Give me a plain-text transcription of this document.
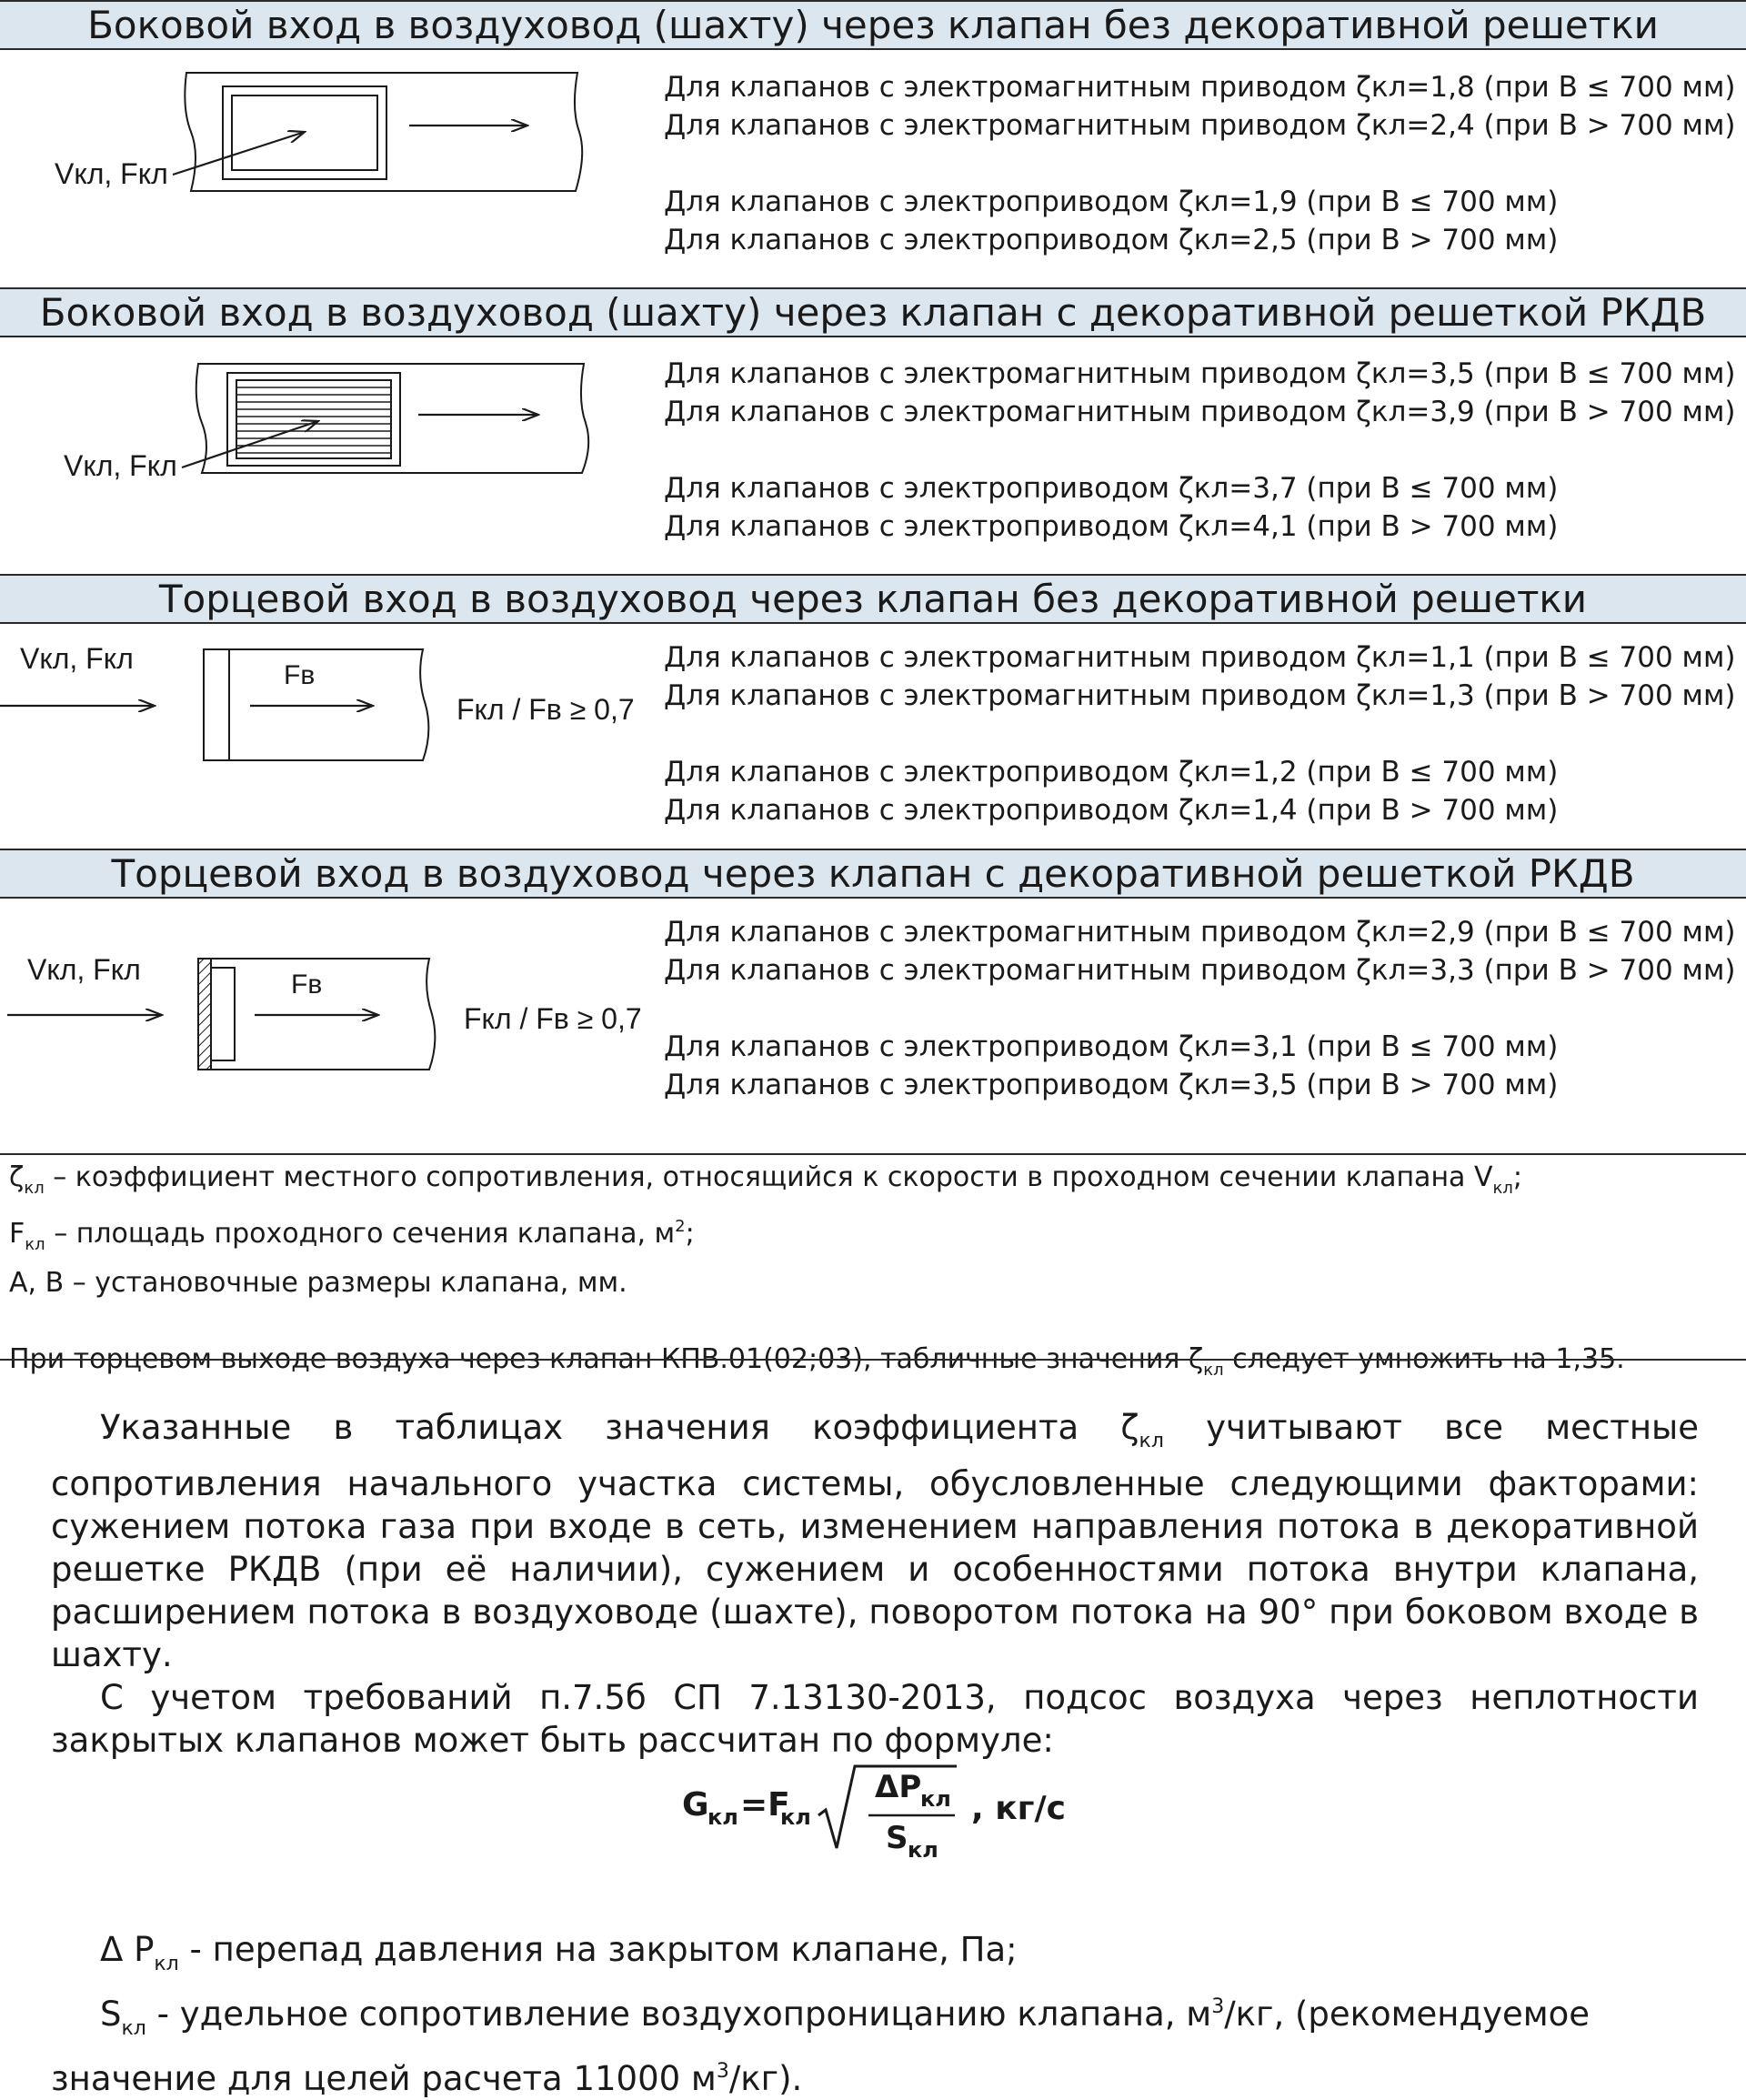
Боковой вход в воздуховод (шахту) через клапан без декоративной решетки
Vкл, Fкл
Для клапанов с электромагнитным приводом ζкл=1,8 (при B ≤ 700 мм)
Для клапанов с электромагнитным приводом ζкл=2,4 (при B > 700 мм)
Для клапанов с электроприводом ζкл=1,9 (при B ≤ 700 мм)
Для клапанов с электроприводом ζкл=2,5 (при B > 700 мм)
Боковой вход в воздуховод (шахту) через клапан с декоративной решеткой РКДВ
Vкл, Fкл
Для клапанов с электромагнитным приводом ζкл=3,5 (при B ≤ 700 мм)
Для клапанов с электромагнитным приводом ζкл=3,9 (при B > 700 мм)
Для клапанов с электроприводом ζкл=3,7 (при B ≤ 700 мм)
Для клапанов с электроприводом ζкл=4,1 (при B > 700 мм)
Торцевой вход в воздуховод через клапан без декоративной решетки
Vкл, Fкл
Fв
Fкл / Fв ≥ 0,7
Для клапанов с электромагнитным приводом ζкл=1,1 (при B ≤ 700 мм)
Для клапанов с электромагнитным приводом ζкл=1,3 (при B > 700 мм)
Для клапанов с электроприводом ζкл=1,2 (при B ≤ 700 мм)
Для клапанов с электроприводом ζкл=1,4 (при B > 700 мм)
Торцевой вход в воздуховод через клапан с декоративной решеткой РКДВ
Vкл, Fкл	Fв
Fкл / Fв ≥ 0,7
Для клапанов с электромагнитным приводом ζкл=2,9 (при B ≤ 700 мм)
Для клапанов с электромагнитным приводом ζкл=3,3 (при B > 700 мм)
Для клапанов с электроприводом ζкл=3,1 (при B ≤ 700 мм)
Для клапанов с электроприводом ζкл=3,5 (при B > 700 мм)
$\zeta_{кл}$ – коэффициент местного сопротивления, относящийся к скорости в проходном сечении клапана $V_{кл}$;
$F_{кл}$ – площадь проходного сечения клапана, $м^2$;
А, В – установочные размеры клапана, мм.
При торцевом выходе воздуха через клапан КПВ.01(02;03), табличные значения $\zeta_{кл}$ следует умножить на 1,35.
Указанные в таблицах значения коэффициента $\zeta_{кл}$ учитывают все местные сопротивления начального участка системы, обусловленные следующими факторами: сужением потока газа при входе в сеть, изменением направления потока в декоративной решетке РКДВ (при её наличии), сужением и особенностями потока внутри клапана, расширением потока в воздуховоде (шахте), поворотом потока на 90° при боковом входе в шахту.
С учетом требований п.7.5б СП 7.13130-2013, подсос воздуха через неплотности закрытых клапанов может быть рассчитан по формуле:
G
кл =F
кл
ΔP
кл
S кл
, кг/с
Δ $P_{кл}$ - перепад давления на закрытом клапане, Па;
$S_{кл}$ - удельное сопротивление воздухопроницанию клапана, $м^3/кг$, (рекомендуемое значение для целей расчета 11000 $м^3/кг$).
